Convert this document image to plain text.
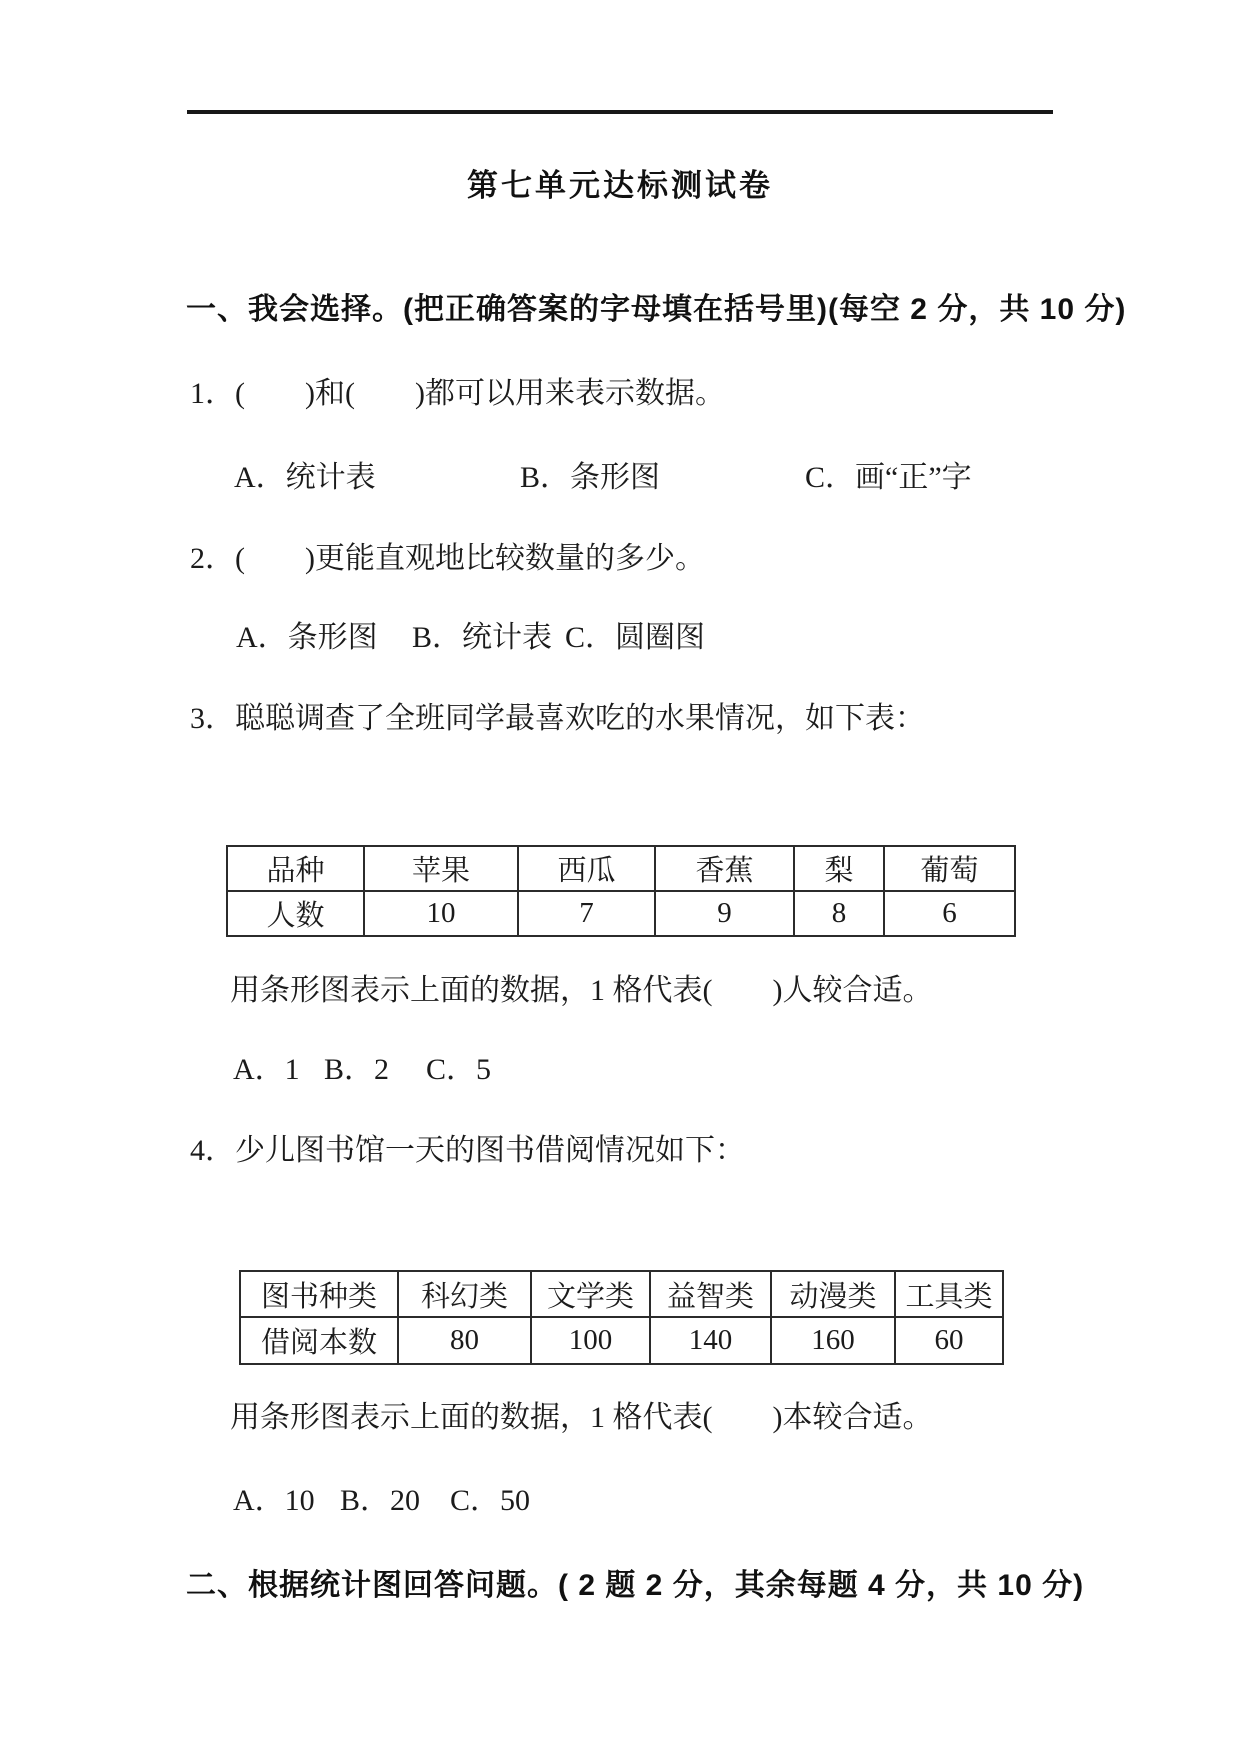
第七单元达标测试卷
一、我会选择。(把正确答案的字母填在括号里)(每空 2 分，共 10 分)
1．(　　)和(　　)都可以用来表示数据。
A．统计表	B．条形图	C．画“正”字
2．(　　)更能直观地比较数量的多少。
A．条形图 B．统计表 C．圆圈图
3．聪聪调查了全班同学最喜欢吃的水果情况，如下表：
品种	苹果	西瓜	香蕉	梨	葡萄
人数	10	7	9	8	6
用条形图表示上面的数据，1 格代表(　　)人较合适。
A．1 B．2 C．5
4．少儿图书馆一天的图书借阅情况如下：
图书种类	科幻类	文学类	益智类	动漫类	工具类
借阅本数	80	100	140	160	60
用条形图表示上面的数据，1 格代表(　　)本较合适。
A．10 B．20 C．50
二、根据统计图回答问题。( 2 题 2 分，其余每题 4 分，共 10 分)
